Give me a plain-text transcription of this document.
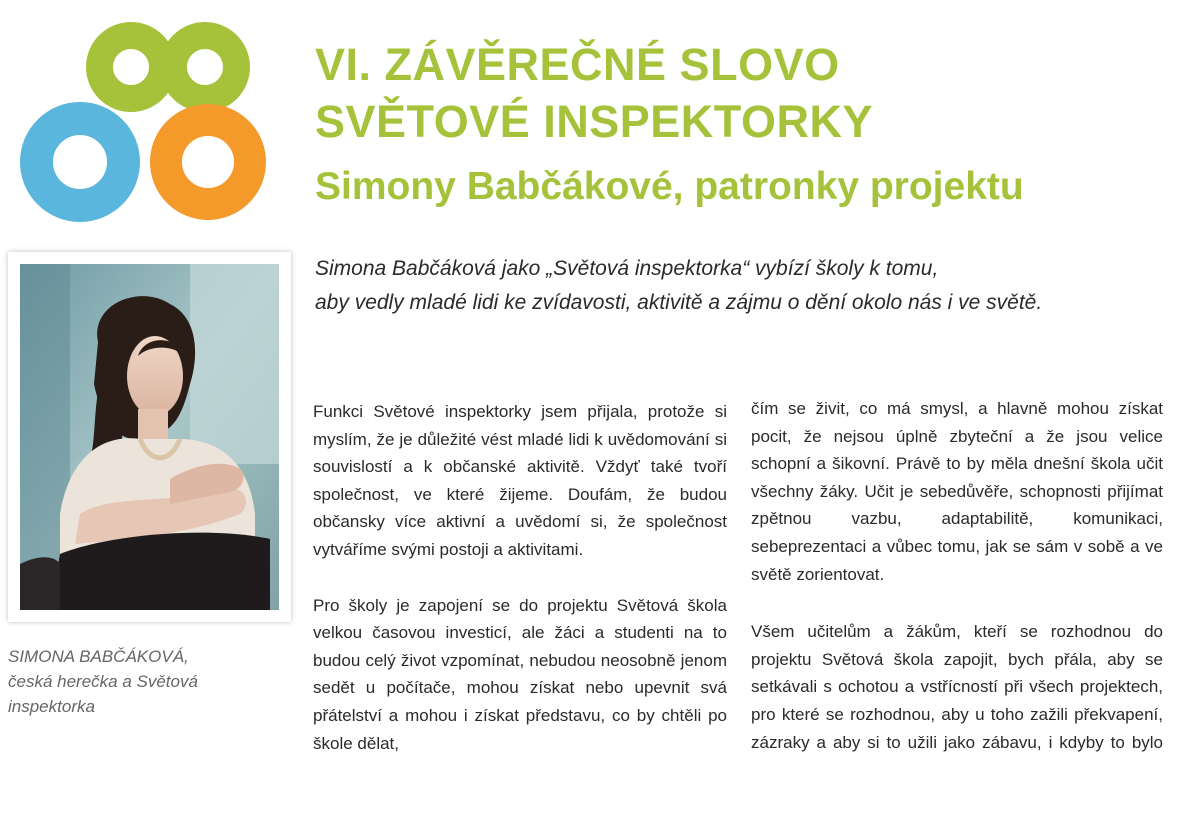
VI. ZÁVĚREČNÉ SLOVO
SVĚTOVÉ INSPEKTORKY
Simony Babčákové, patronky projektu

SIMONA BABČÁKOVÁ,
česká herečka a Světová inspektorka

Simona Babčáková jako „Světová inspektorka“ vybízí školy k tomu,
aby vedly mladé lidi ke zvídavosti, aktivitě a zájmu o dění okolo nás i ve světě.

Funkci Světové inspektorky jsem přijala, protože si myslím, že je důležité vést mladé lidi k uvědomování si souvislostí a k občanské aktivitě. Vždyť také tvoří společnost, ve které žijeme. Doufám, že budou občansky více aktivní a uvědomí si, že společnost vytváříme svými postoji a aktivitami.

Pro školy je zapojení se do projektu Světová škola velkou časovou investicí, ale žáci a studenti na to budou celý život vzpomínat, nebudou neosobně jenom sedět u počítače, mohou získat nebo upevnit svá přátelství a mohou i získat představu, co by chtěli po škole dělat,

čím se živit, co má smysl, a hlavně mohou získat pocit, že nejsou úplně zbyteční a že jsou velice schopní a šikovní. Právě to by měla dnešní škola učit všechny žáky. Učit je sebedůvěře, schopnosti přijímat zpětnou vazbu, adaptabilitě, komunikaci, sebeprezentaci a vůbec tomu, jak se sám v sobě a ve světě zorientovat.

Všem učitelům a žákům, kteří se rozhodnou do projektu Světová škola zapojit, bych přála, aby se setkávali s ochotou a vstřícností při všech projektech, pro které se rozhodnou, aby u toho zažili překvapení, zázraky a aby si to užili jako zábavu, i kdyby to bylo
